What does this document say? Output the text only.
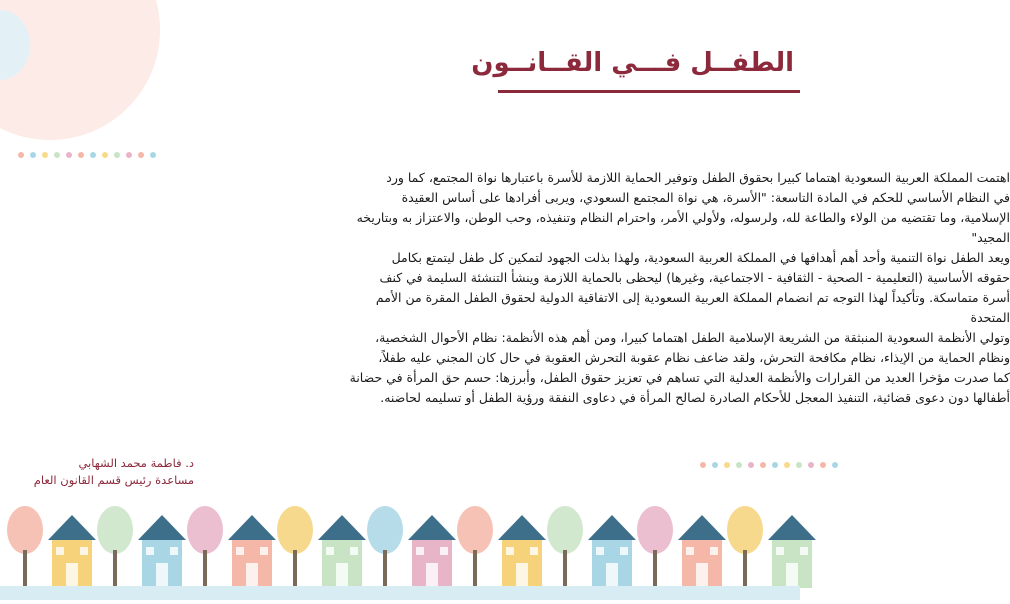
الطفــل فـــي القــانــون

اهتمت المملكة العربية السعودية اهتماما كبيرا بحقوق الطفل وتوفير الحماية اللازمة للأسرة باعتبارها نواة المجتمع، كما ورد

في النظام الأساسي للحكم في المادة التاسعة: "الأسرة، هي نواة المجتمع السعودي، ويربى أفرادها على أساس العقيدة

الإسلامية، وما تقتضيه من الولاء والطاعة لله، ولرسوله، ولأولي الأمر، واحترام النظام وتنفيذه، وحب الوطن، والاعتزاز به وبتاريخه

المجيد"

ويعد الطفل نواة التنمية وأحد أهم أهدافها في المملكة العربية السعودية، ولهذا بذلت الجهود لتمكين كل طفل ليتمتع بكامل

حقوقه الأساسية (التعليمية - الصحية - الثقافية - الاجتماعية، وغيرها) ليحظى بالحماية اللازمة وينشأ التنشئة السليمة في كنف

أسرة متماسكة. وتأكيداً لهذا التوجه تم انضمام المملكة العربية السعودية إلى الاتفاقية الدولية لحقوق الطفل المقرة من الأمم

المتحدة

وتولي الأنظمة السعودية المنبثقة من الشريعة الإسلامية الطفل اهتماما كبيرا، ومن أهم هذه الأنظمة: نظام الأحوال الشخصية،

ونظام الحماية من الإيذاء، نظام مكافحة التحرش، ولقد ضاعف نظام عقوبة التحرش العقوبة في حال كان المجني عليه طفلاً،

كما صدرت مؤخرا العديد من القرارات والأنظمة العدلية التي تساهم في تعزيز حقوق الطفل، وأبرزها: حسم حق المرأة في حضانة

أطفالها دون دعوى قضائية، التنفيذ المعجل للأحكام الصادرة لصالح المرأة في دعاوى النفقة ورؤية الطفل أو تسليمه لحاضنه.

د. فاطمة محمد الشهابي
مساعدة رئيس قسم القانون العام
